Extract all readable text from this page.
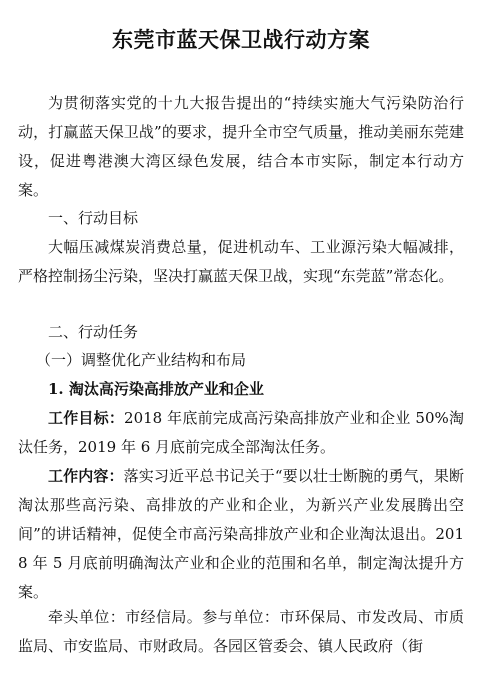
东莞市蓝天保卫战行动方案

为贯彻落实党的十九大报告提出的“持续实施大气污染防治行动，打赢蓝天保卫战”的要求，提升全市空气质量，推动美丽东莞建设，促进粤港澳大湾区绿色发展，结合本市实际，制定本行动方案。

一、行动目标

大幅压减煤炭消费总量，促进机动车、工业源污染大幅减排，严格控制扬尘污染，坚决打赢蓝天保卫战，实现“东莞蓝”常态化。

二、行动任务

（一）调整优化产业结构和布局

1. 淘汰高污染高排放产业和企业

工作目标：2018 年底前完成高污染高排放产业和企业 50%淘汰任务，2019 年 6 月底前完成全部淘汰任务。

工作内容：落实习近平总书记关于“要以壮士断腕的勇气，果断淘汰那些高污染、高排放的产业和企业，为新兴产业发展腾出空间”的讲话精神，促使全市高污染高排放产业和企业淘汰退出。2018 年 5 月底前明确淘汰产业和企业的范围和名单，制定淘汰提升方案。

牵头单位：市经信局。参与单位：市环保局、市发改局、市质监局、市安监局、市财政局。各园区管委会、镇人民政府（街
